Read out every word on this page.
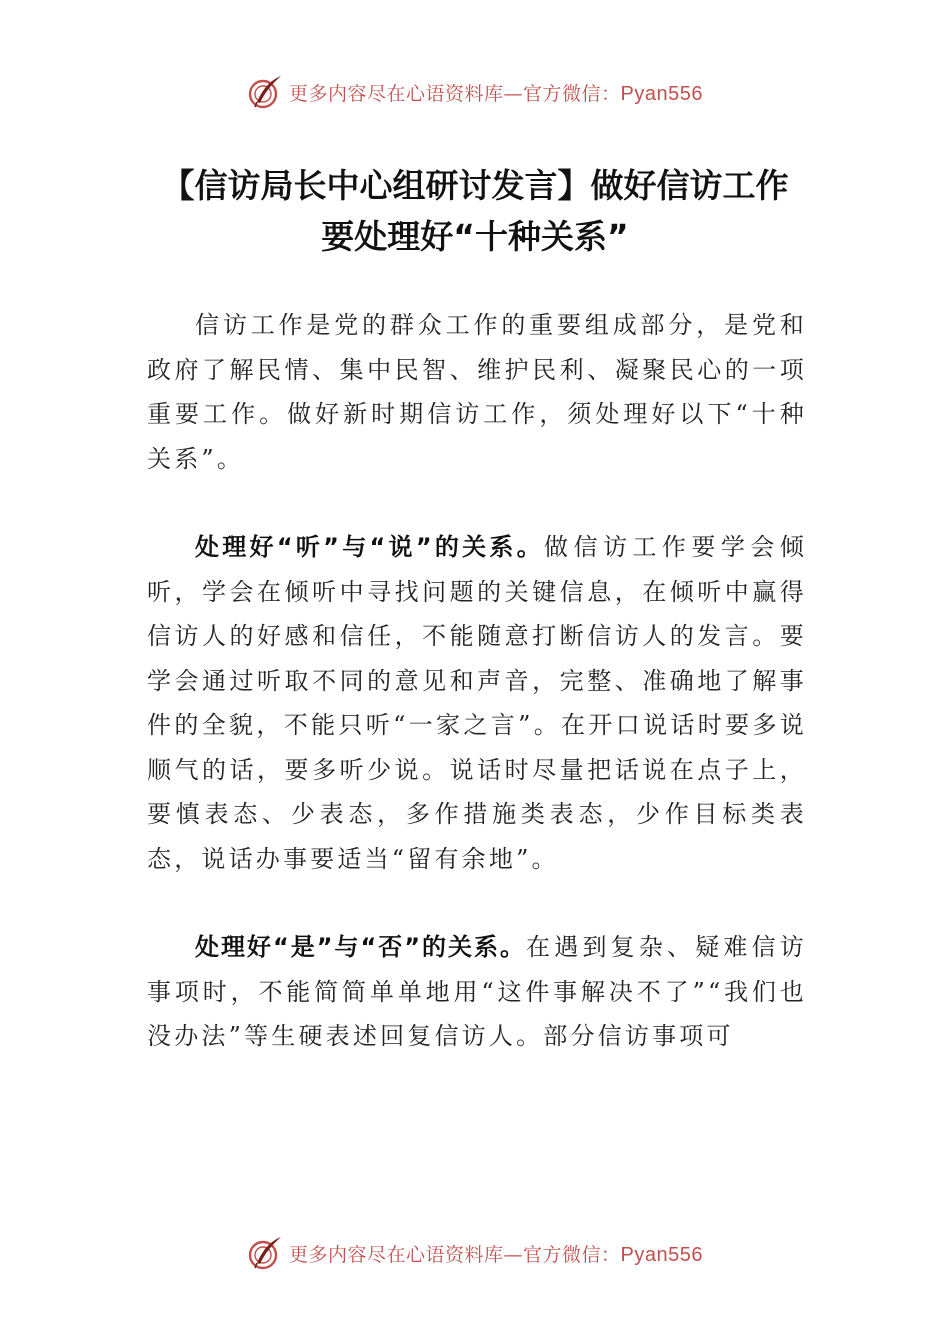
更多内容尽在心语资料库—官方微信：Pyan556
【信访局长中心组研讨发言】做好信访工作
要处理好“十种关系”

信访工作是党的群众工作的重要组成部分，是党和政府了解民情、集中民智、维护民利、凝聚民心的一项重要工作。做好新时期信访工作，须处理好以下“十种关系”。

处理好“听”与“说”的关系。做信访工作要学会倾听，学会在倾听中寻找问题的关键信息，在倾听中赢得信访人的好感和信任，不能随意打断信访人的发言。要学会通过听取不同的意见和声音，完整、准确地了解事件的全貌，不能只听“一家之言”。在开口说话时要多说顺气的话，要多听少说。说话时尽量把话说在点子上，要慎表态、少表态，多作措施类表态，少作目标类表态，说话办事要适当“留有余地”。

处理好“是”与“否”的关系。在遇到复杂、疑难信访事项时，不能简简单单地用“这件事解决不了”“我们也没办法”等生硬表述回复信访人。部分信访事项可

更多内容尽在心语资料库—官方微信：Pyan556
